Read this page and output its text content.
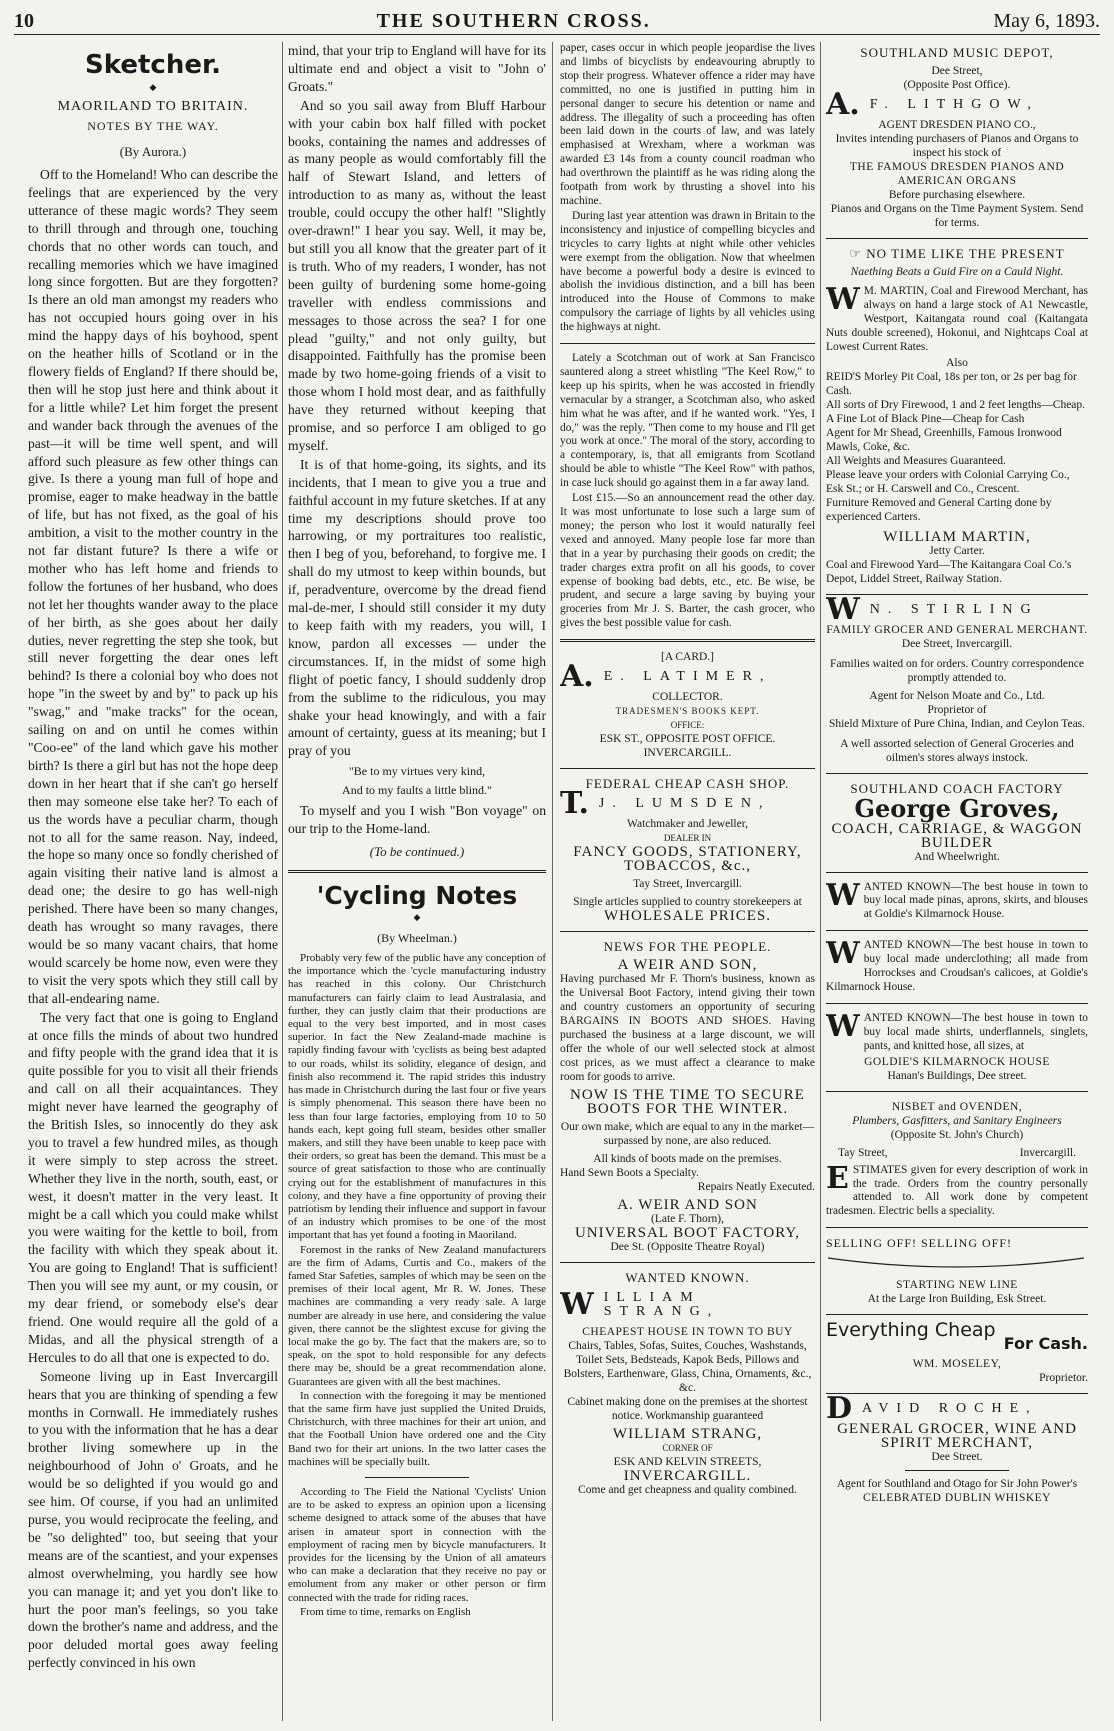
10	THE SOUTHERN CROSS.	May 6, 1893.
Sketcher.
◆
MAORILAND TO BRITAIN.
NOTES BY THE WAY.
(By Aurora.)

Off to the Homeland! Who can describe the feelings that are experienced by the very utterance of these magic words? They seem to thrill through and through one, touching chords that no other words can touch, and recalling memories which we have imagined long since forgotten. But are they forgotten? Is there an old man amongst my readers who has not occupied hours going over in his mind the happy days of his boyhood, spent on the heather hills of Scotland or in the flowery fields of England? If there should be, then will he stop just here and think about it for a little while? Let him forget the present and wander back through the avenues of the past—it will be time well spent, and will afford such pleasure as few other things can give. Is there a young man full of hope and promise, eager to make headway in the battle of life, but has not fixed, as the goal of his ambition, a visit to the mother country in the not far distant future? Is there a wife or mother who has left home and friends to follow the fortunes of her husband, who does not let her thoughts wander away to the place of her birth, as she goes about her daily duties, never regretting the step she took, but still never forgetting the dear ones left behind? Is there a colonial boy who does not hope "in the sweet by and by" to pack up his "swag," and "make tracks" for the ocean, sailing on and on until he comes within "Coo-ee" of the land which gave his mother birth? Is there a girl but has not the hope deep down in her heart that if she can't go herself then may someone else take her? To each of us the words have a peculiar charm, though not to all for the same reason. Nay, indeed, the hope so many once so fondly cherished of again visiting their native land is almost a dead one; the desire to go has well-nigh perished. There have been so many changes, death has wrought so many ravages, there would be so many vacant chairs, that home would scarcely be home now, even were they to visit the very spots which they still call by that all-endearing name.

The very fact that one is going to England at once fills the minds of about two hundred and fifty people with the grand idea that it is quite possible for you to visit all their friends and call on all their acquaintances. They might never have learned the geography of the British Isles, so innocently do they ask you to travel a few hundred miles, as though it were simply to step across the street. Whether they live in the north, south, east, or west, it doesn't matter in the very least. It might be a call which you could make whilst you were waiting for the kettle to boil, from the facility with which they speak about it. You are going to England! That is sufficient! Then you will see my aunt, or my cousin, or my dear friend, or somebody else's dear friend. One would require all the gold of a Midas, and all the physical strength of a Hercules to do all that one is expected to do.

Someone living up in East Invercargill hears that you are thinking of spending a few months in Cornwall. He immediately rushes to you with the information that he has a dear brother living somewhere up in the neighbourhood of John o' Groats, and he would be so delighted if you would go and see him. Of course, if you had an unlimited purse, you would reciprocate the feeling, and be "so delighted" too, but seeing that your means are of the scantiest, and your expenses almost overwhelming, you hardly see how you can manage it; and yet you don't like to hurt the poor man's feelings, so you take down the brother's name and address, and the poor deluded mortal goes away feeling perfectly convinced in his own

mind, that your trip to England will have for its ultimate end and object a visit to "John o' Groats."

And so you sail away from Bluff Harbour with your cabin box half filled with pocket books, containing the names and addresses of as many people as would comfortably fill the half of Stewart Island, and letters of introduction to as many as, without the least trouble, could occupy the other half! "Slightly over-drawn!" I hear you say. Well, it may be, but still you all know that the greater part of it is truth. Who of my readers, I wonder, has not been guilty of burdening some home-going traveller with endless commissions and messages to those across the sea? I for one plead "guilty," and not only guilty, but disappointed. Faithfully has the promise been made by two home-going friends of a visit to those whom I hold most dear, and as faithfully have they returned without keeping that promise, and so perforce I am obliged to go myself.

It is of that home-going, its sights, and its incidents, that I mean to give you a true and faithful account in my future sketches. If at any time my descriptions should prove too harrowing, or my portraitures too realistic, then I beg of you, beforehand, to forgive me. I shall do my utmost to keep within bounds, but if, peradventure, overcome by the dread fiend mal-de-mer, I should still consider it my duty to keep faith with my readers, you will, I know, pardon all excesses — under the circumstances. If, in the midst of some high flight of poetic fancy, I should suddenly drop from the sublime to the ridiculous, you may shake your head knowingly, and with a fair amount of certainty, guess at its meaning; but I pray of you

"Be to my virtues very kind,
And to my faults a little blind."

To myself and you I wish "Bon voyage" on our trip to the Home-land.

(To be continued.)
'Cycling Notes
◆
(By Wheelman.)

Probably very few of the public have any conception of the importance which the 'cycle manufacturing industry has reached in this colony. Our Christchurch manufacturers can fairly claim to lead Australasia, and further, they can justly claim that their productions are equal to the very best imported, and in most cases superior. In fact the New Zealand-made machine is rapidly finding favour with 'cyclists as being best adapted to our roads, whilst its solidity, elegance of design, and finish also recommend it. The rapid strides this industry has made in Christchurch during the last four or five years is simply phenomenal. This season there have been no less than four large factories, employing from 10 to 50 hands each, kept going full steam, besides other smaller makers, and still they have been unable to keep pace with their orders, so great has been the demand. This must be a source of great satisfaction to those who are continually crying out for the establishment of manufactures in this colony, and they have a fine opportunity of proving their patriotism by lending their influence and support in favour of an industry which promises to be one of the most important that has yet found a footing in Maoriland.

Foremost in the ranks of New Zealand manufacturers are the firm of Adams, Curtis and Co., makers of the famed Star Safeties, samples of which may be seen on the premises of their local agent, Mr R. W. Jones. These machines are commanding a very ready sale. A large number are already in use here, and considering the value given, there cannot be the slightest excuse for giving the local make the go by. The fact that the makers are, so to speak, on the spot to hold responsible for any defects there may be, should be a great recommendation alone. Guarantees are given with all the best machines.

In connection with the foregoing it may be mentioned that the same firm have just supplied the United Druids, Christchurch, with three machines for their art union, and that the Football Union have ordered one and the City Band two for their art unions. In the two latter cases the machines will be specially built.

According to The Field the National 'Cyclists' Union are to be asked to express an opinion upon a licensing scheme designed to attack some of the abuses that have arisen in amateur sport in connection with the employment of racing men by bicycle manufacturers. It provides for the licensing by the Union of all amateurs who can make a declaration that they receive no pay or emolument from any maker or other person or firm connected with the trade for riding races.

From time to time, remarks on English

paper, cases occur in which people jeopardise the lives and limbs of bicyclists by endeavouring abruptly to stop their progress. Whatever offence a rider may have committed, no one is justified in putting him in personal danger to secure his detention or name and address. The illegality of such a proceeding has often been laid down in the courts of law, and was lately emphasised at Wrexham, where a workman was awarded £3 14s from a county council roadman who had overthrown the plaintiff as he was riding along the footpath from work by thrusting a shovel into his machine.

During last year attention was drawn in Britain to the inconsistency and injustice of compelling bicycles and tricycles to carry lights at night while other vehicles were exempt from the obligation. Now that wheelmen have become a powerful body a desire is evinced to abolish the invidious distinction, and a bill has been introduced into the House of Commons to make compulsory the carriage of lights by all vehicles using the highways at night.

Lately a Scotchman out of work at San Francisco sauntered along a street whistling "The Keel Row," to keep up his spirits, when he was accosted in friendly vernacular by a stranger, a Scotchman also, who asked him what he was after, and if he wanted work. "Yes, I do," was the reply. "Then come to my house and I'll get you work at once." The moral of the story, according to a contemporary, is, that all emigrants from Scotland should be able to whistle "The Keel Row" with pathos, in case luck should go against them in a far away land.

Lost £15.—So an announcement read the other day. It was most unfortunate to lose such a large sum of money; the person who lost it would naturally feel vexed and annoyed. Many people lose far more than that in a year by purchasing their goods on credit; the trader charges extra profit on all his goods, to cover expense of booking bad debts, etc., etc. Be wise, be prudent, and secure a large saving by buying your groceries from Mr J. S. Barter, the cash grocer, who gives the best possible value for cash.

[A CARD.]
A. E. LATIMER,
COLLECTOR.
TRADESMEN'S BOOKS KEPT.
OFFICE:
ESK ST., OPPOSITE POST OFFICE.
INVERCARGILL.
FEDERAL CHEAP CASH SHOP.
T. J. LUMSDEN,
Watchmaker and Jeweller,
DEALER IN
FANCY GOODS, STATIONERY, TOBACCOS, &c.,
Tay Street, Invercargill.
Single articles supplied to country storekeepers at
WHOLESALE PRICES.
NEWS FOR THE PEOPLE.
A WEIR AND SON,
Having purchased Mr F. Thorn's business, known as the Universal Boot Factory, intend giving their town and country customers an opportunity of securing BARGAINS IN BOOTS AND SHOES. Having purchased the business at a large discount, we will offer the whole of our well selected stock at almost cost prices, as we must affect a clearance to make room for goods to arrive.
NOW IS THE TIME TO SECURE BOOTS FOR THE WINTER.
Our own make, which are equal to any in the market—surpassed by none, are also reduced.
All kinds of boots made on the premises.
Hand Sewn Boots a Specialty.
Repairs Neatly Executed.
A. WEIR AND SON
(Late F. Thorn),
UNIVERSAL BOOT FACTORY,
Dee St. (Opposite Theatre Royal)
WANTED KNOWN.
W ILLIAM STRANG,
CHEAPEST HOUSE IN TOWN TO BUY
Chairs, Tables, Sofas, Suites, Couches, Washstands, Toilet Sets, Bedsteads, Kapok Beds, Pillows and Bolsters, Earthenware, Glass, China, Ornaments, &c., &c.
Cabinet making done on the premises at the shortest notice. Workmanship guaranteed
WILLIAM STRANG,
CORNER OF
ESK AND KELVIN STREETS,
INVERCARGILL.
Come and get cheapness and quality combined.
SOUTHLAND MUSIC DEPOT,
Dee Street,
(Opposite Post Office).
A. F. LITHGOW,
AGENT DRESDEN PIANO CO.,
Invites intending purchasers of Pianos and Organs to inspect his stock of
THE FAMOUS DRESDEN PIANOS AND AMERICAN ORGANS
Before purchasing elsewhere.
Pianos and Organs on the Time Payment System. Send for terms.
☞ NO TIME LIKE THE PRESENT
Naething Beats a Guid Fire on a Cauld Night.

W M. MARTIN, Coal and Firewood Merchant, has always on hand a large stock of A1 Newcastle, Westport, Kaitangata round coal (Kaitangata Nuts double screened), Hokonui, and Nightcaps Coal at Lowest Current Rates.

Also
REID'S Morley Pit Coal, 18s per ton, or 2s per bag for Cash.
All sorts of Dry Firewood, 1 and 2 feet lengths—Cheap.
A Fine Lot of Black Pine—Cheap for Cash
Agent for Mr Shead, Greenhills, Famous Ironwood Mawls, Coke, &c.
All Weights and Measures Guaranteed.
Please leave your orders with Colonial Carrying Co., Esk St.; or H. Carswell and Co., Crescent.
Furniture Removed and General Carting done by experienced Carters.
WILLIAM MARTIN,
Jetty Carter.
Coal and Firewood Yard—The Kaitangara Coal Co.'s Depot, Liddel Street, Railway Station.
W N. STIRLING
FAMILY GROCER AND GENERAL MERCHANT.
Dee Street, Invercargill.
Families waited on for orders. Country correspondence promptly attended to.
Agent for Nelson Moate and Co., Ltd.
Proprietor of
Shield Mixture of Pure China, Indian, and Ceylon Teas.
A well assorted selection of General Groceries and oilmen's stores always instock.
SOUTHLAND COACH FACTORY
George Groves,
COACH, CARRIAGE, & WAGGON BUILDER
And Wheelwright.

WANTED KNOWN—The best house in town to buy local made pinas, aprons, skirts, and blouses at Goldie's Kilmarnock House.

WANTED KNOWN—The best house in town to buy local made underclothing; all made from Horrockses and Croudsan's calicoes, at Goldie's Kilmarnock House.

WANTED KNOWN—The best house in town to buy local made shirts, underflannels, singlets, pants, and knitted hose, all sizes, at

GOLDIE'S KILMARNOCK HOUSE
Hanan's Buildings, Dee street.
NISBET and OVENDEN,
Plumbers, Gasfitters, and Sanitary Engineers
(Opposite St. John's Church)
Tay Street,	Invercargill.

ESTIMATES given for every description of work in the trade. Orders from the country personally attended to. All work done by competent tradesmen. Electric bells a speciality.

SELLING OFF! SELLING OFF!
STARTING NEW LINE
At the Large Iron Building, Esk Street.
Everything Cheap
For Cash.
WM. MOSELEY,
Proprietor.
D AVID ROCHE,
GENERAL GROCER, WINE AND SPIRIT MERCHANT,
Dee Street.
Agent for Southland and Otago for Sir John Power's
CELEBRATED DUBLIN WHISKEY
